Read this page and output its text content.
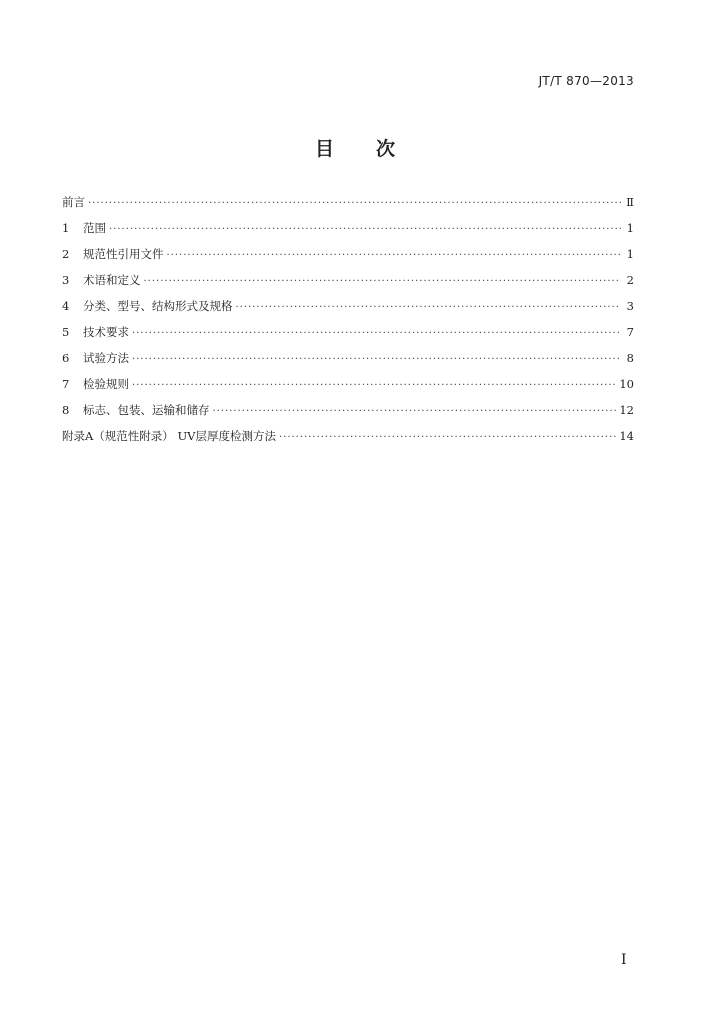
JT/T 870—2013
目次
前言 ·····	Ⅱ
1	范围 ·····	1
2	规范性引用文件 ·····	1
3	术语和定义 ·····	2
4	分类、型号、结构形式及规格 ·····	3
5	技术要求 ·····	7
6	试验方法 ·····	8
7	检验规则 ·····	10
8	标志、包装、运输和储存 ·····	12
附录A（规范性附录） UV层厚度检测方法 ·····	14
Ⅰ
